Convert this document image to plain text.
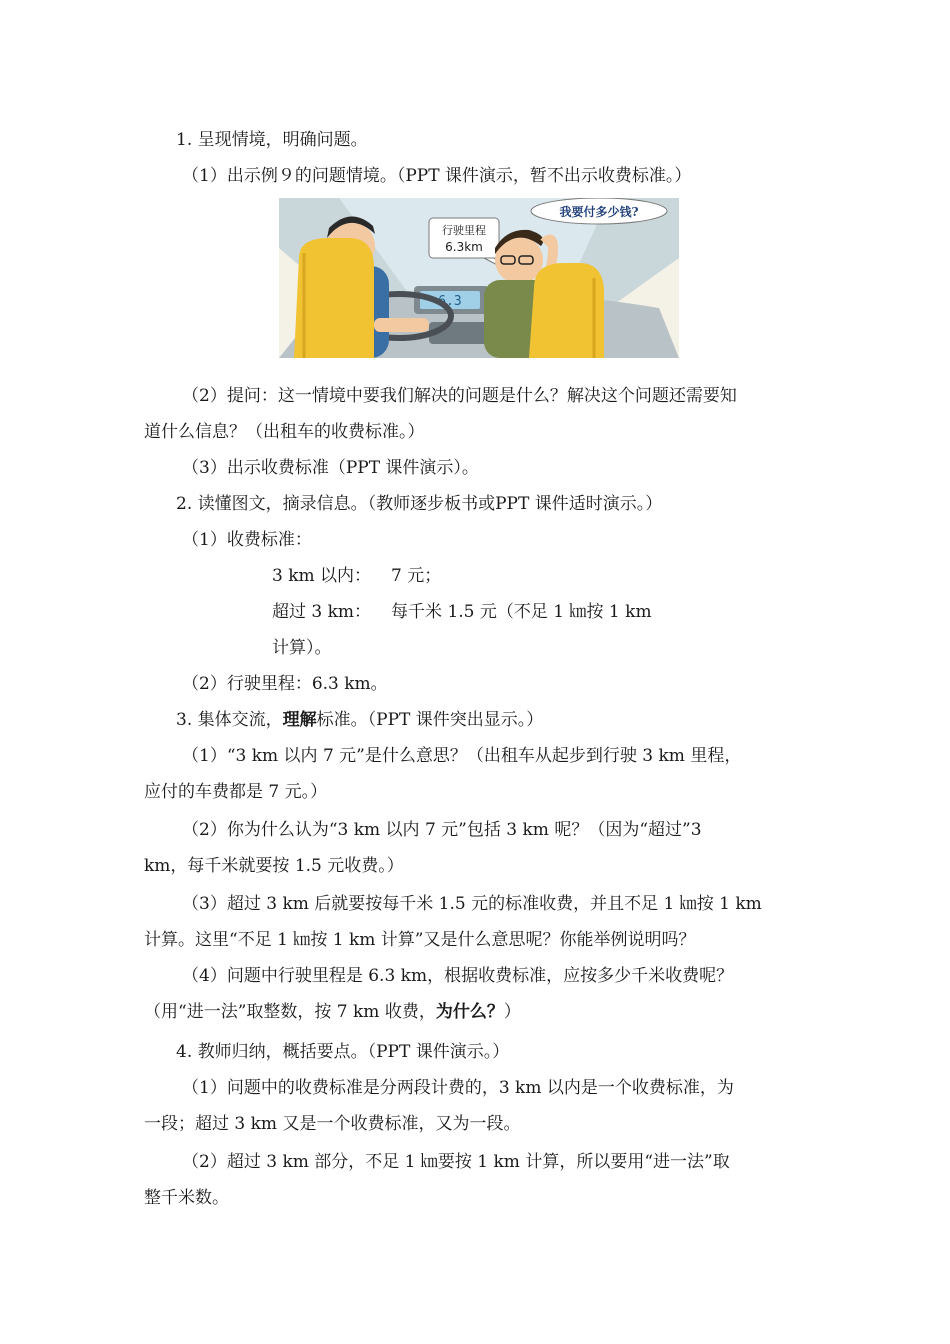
1. 呈现情境，明确问题。
（1）出示例９的问题情境。（PPT 课件演示，暂不出示收费标准。）
6.3
行驶里程
6.3km
我要付多少钱?
（2）提问：这一情境中要我们解决的问题是什么？解决这个问题还需要知
道什么信息？（出租车的收费标准。）
（3）出示收费标准（PPT 课件演示）。
2. 读懂图文，摘录信息。（教师逐步板书或PPT 课件适时演示。）
（1）收费标准：
3 km 以内： 7 元；
超过 3 km： 每千米 1.5 元（不足 1 ㎞按 1 km
计算）。
（2）行驶里程：6.3 km。
3. 集体交流，理解标准。（PPT 课件突出显示。）
（1）“3 km 以内 7 元”是什么意思？（出租车从起步到行驶 3 km 里程，
应付的车费都是 7 元。）
（2）你为什么认为“3 km 以内 7 元”包括 3 km 呢？（因为“超过”3
km，每千米就要按 1.5 元收费。）
（3）超过 3 km 后就要按每千米 1.5 元的标准收费，并且不足 1 ㎞按 1 km
计算。这里“不足 1 ㎞按 1 km 计算”又是什么意思呢？你能举例说明吗？
（4）问题中行驶里程是 6.3 km，根据收费标准，应按多少千米收费呢？
（用“进一法”取整数，按 7 km 收费，为什么？）
4. 教师归纳，概括要点。（PPT 课件演示。）
（1）问题中的收费标准是分两段计费的，3 km 以内是一个收费标准，为
一段；超过 3 km 又是一个收费标准，又为一段。
（2）超过 3 km 部分，不足 1 ㎞要按 1 km 计算，所以要用“进一法”取
整千米数。
